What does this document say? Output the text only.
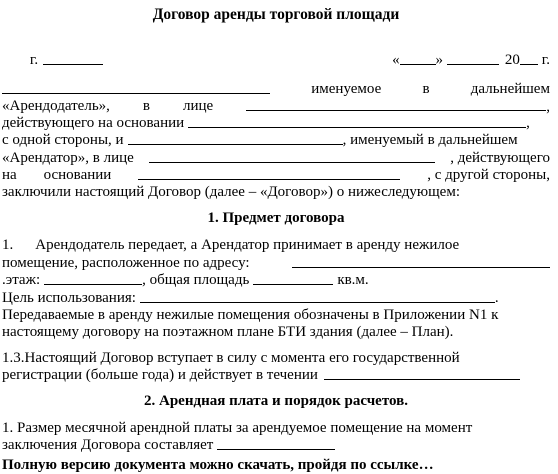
Договор аренды торговой площади
г.	« »	20 г.
именуемое	в	дальнейшем
«Арендодатель», в лице	,
действующего на основании	,
с одной стороны, и	, именуемый в дальнейшем
«Арендатор», в лице	, действующего
на основании	, с другой стороны,
заключили настоящий Договор (далее – «Договор») о нижеследующем:
1. Предмет договора
1. Арендодатель передает, а Арендатор принимает в аренду нежилое
помещение, расположенное по адресу:
.этаж:	, общая площадь	кв.м.
Цель использования:	.
Передаваемые в аренду нежилые помещения обозначены в Приложении N1 к
настоящему договору на поэтажном плане БТИ здания (далее – План).
1.3.Настоящий Договор вступает в силу с момента его государственной
регистрации (больше года) и действует в течении
2. Арендная плата и порядок расчетов.
1. Размер месячной арендной платы за арендуемое помещение на момент
заключения Договора составляет
Полную версию документа можно скачать, пройдя по ссылке…
